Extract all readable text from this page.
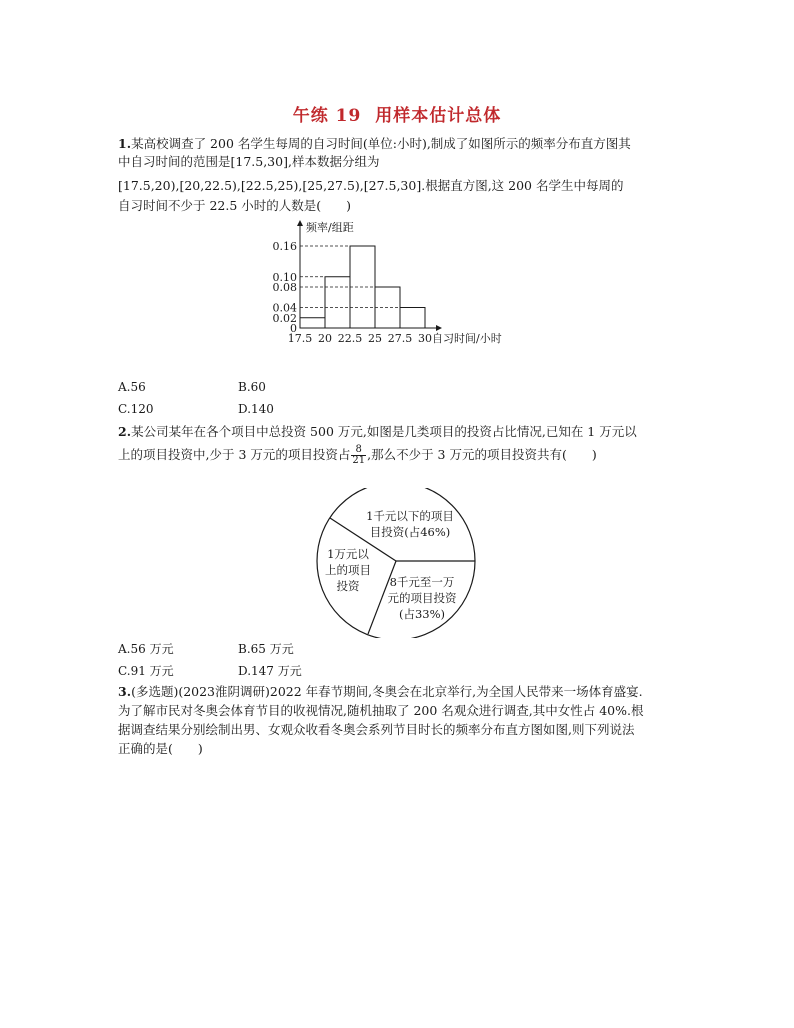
午练 19 用样本估计总体
1.某高校调查了 200 名学生每周的自习时间(单位:小时),制成了如图所示的频率分布直方图其
中自习时间的范围是[17.5,30],样本数据分组为
[17.5,20),[20,22.5),[22.5,25),[25,27.5),[27.5,30].根据直方图,这 200 名学生中每周的
自习时间不少于 22.5 小时的人数是(　　)
频率/组距
0
0.02
0.04
0.08
0.10
0.16
17.5 20 22.5 25 27.5 30 自习时间/小时
A.56	B.60
C.120	D.140
2.某公司某年在各个项目中总投资 500 万元,如图是几类项目的投资占比情况,已知在 1 万元以
上的项目投资中,少于 3 万元的项目投资占 $\frac{8}{21}$ ,那么不少于 3 万元的项目投资共有(　　)
1千元以下的项目
目投资(占46%)
8千元至一万
元的项目投资
(占33%)
1万元以
上的项目
投资
A.56 万元	B.65 万元
C.91 万元	D.147 万元
3.(多选题)(2023淮阴调研)2022 年春节期间,冬奥会在北京举行,为全国人民带来一场体育盛宴.
为了解市民对冬奥会体育节目的收视情况,随机抽取了 200 名观众进行调查,其中女性占 40%.根
据调查结果分别绘制出男、女观众收看冬奥会系列节目时长的频率分布直方图如图,则下列说法
正确的是(　　)
